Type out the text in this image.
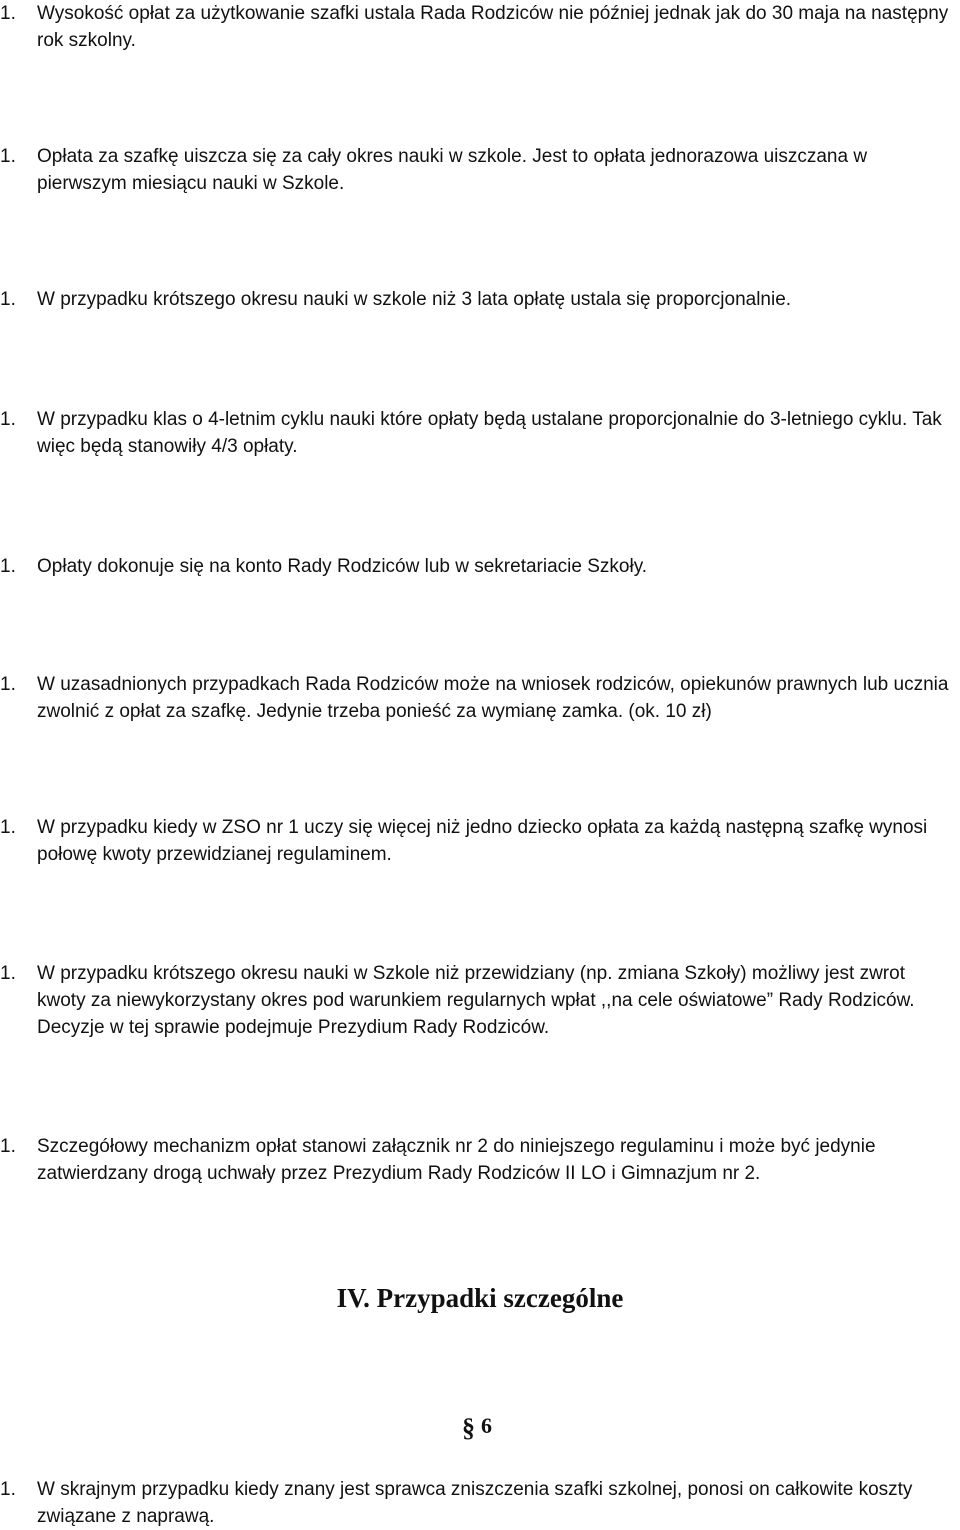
1. Wysokość opłat za użytkowanie szafki ustala Rada Rodziców nie później jednak jak do 30 maja na następny rok szkolny.
1. Opłata za szafkę uiszcza się za cały okres nauki w szkole. Jest to opłata jednorazowa uiszczana w pierwszym miesiącu nauki w Szkole.
1. W przypadku krótszego okresu nauki w szkole niż 3 lata opłatę ustala się proporcjonalnie.
1. W przypadku klas o 4-letnim cyklu nauki które opłaty będą ustalane proporcjonalnie do 3-letniego cyklu. Tak więc będą stanowiły 4/3 opłaty.
1. Opłaty dokonuje się na konto Rady Rodziców lub w sekretariacie Szkoły.
1. W uzasadnionych przypadkach Rada Rodziców może na wniosek rodziców, opiekunów prawnych lub ucznia zwolnić z opłat za szafkę. Jedynie trzeba ponieść za wymianę zamka. (ok. 10 zł)
1. W przypadku kiedy w ZSO nr 1 uczy się więcej niż jedno dziecko opłata za każdą następną szafkę wynosi połowę kwoty przewidzianej regulaminem.
1. W przypadku krótszego okresu nauki w Szkole niż przewidziany (np. zmiana Szkoły) możliwy jest zwrot kwoty za niewykorzystany okres pod warunkiem regularnych wpłat ,,na cele oświatowe” Rady Rodziców. Decyzje w tej sprawie podejmuje Prezydium Rady Rodziców.
1. Szczegółowy mechanizm opłat stanowi załącznik nr 2 do niniejszego regulaminu i może być jedynie zatwierdzany drogą uchwały przez Prezydium Rady Rodziców II LO i Gimnazjum nr 2.
IV. Przypadki szczególne
§ 6
1. W skrajnym przypadku kiedy znany jest sprawca zniszczenia szafki szkolnej, ponosi on całkowite koszty związane z naprawą.
